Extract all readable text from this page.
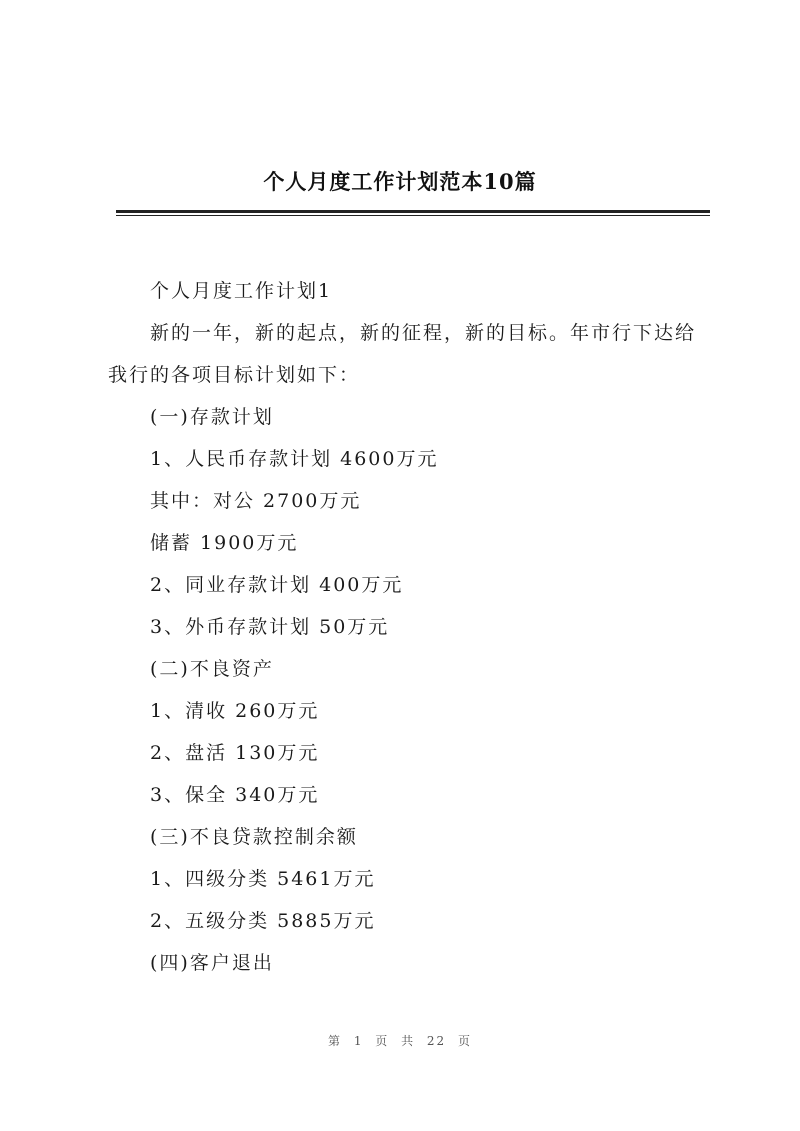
个人月度工作计划范本10篇

个人月度工作计划1

新的一年，新的起点，新的征程，新的目标。年市行下达给我行的各项目标计划如下：

(一)存款计划

1、人民币存款计划 4600万元

其中：对公 2700万元

储蓄 1900万元

2、同业存款计划 400万元

3、外币存款计划 50万元

(二)不良资产

1、清收 260万元

2、盘活 130万元

3、保全 340万元

(三)不良贷款控制余额

1、四级分类 5461万元

2、五级分类 5885万元

(四)客户退出

第 1 页 共 22 页
